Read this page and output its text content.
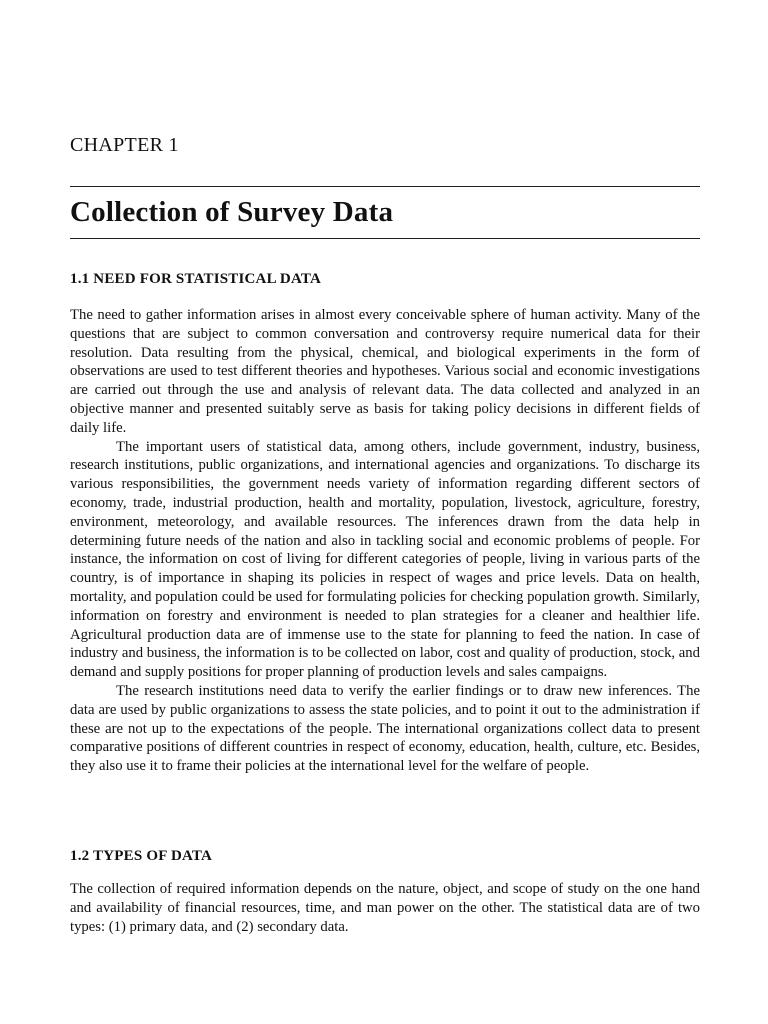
CHAPTER 1
Collection of Survey Data
1.1 NEED FOR STATISTICAL DATA

The need to gather information arises in almost every conceivable sphere of human activity. Many of the questions that are subject to common conversation and controversy require numerical data for their resolution. Data resulting from the physical, chemical, and biological experiments in the form of observations are used to test different theories and hypotheses. Various social and economic investigations are carried out through the use and analysis of relevant data. The data collected and analyzed in an objective manner and presented suitably serve as basis for taking policy decisions in different fields of daily life.

The important users of statistical data, among others, include government, industry, business, research institutions, public organizations, and international agencies and organizations. To discharge its various responsibilities, the government needs variety of information regarding different sectors of economy, trade, industrial production, health and mortality, population, livestock, agriculture, forestry, environment, meteorology, and available resources. The inferences drawn from the data help in determining future needs of the nation and also in tackling social and economic problems of people. For instance, the information on cost of living for different categories of people, living in various parts of the country, is of importance in shaping its policies in respect of wages and price levels. Data on health, mortality, and population could be used for formulating policies for checking population growth. Similarly, information on forestry and environment is needed to plan strategies for a cleaner and healthier life. Agricultural production data are of immense use to the state for planning to feed the nation. In case of industry and business, the information is to be collected on labor, cost and quality of production, stock, and demand and supply positions for proper planning of production levels and sales campaigns.

The research institutions need data to verify the earlier findings or to draw new inferences. The data are used by public organizations to assess the state policies, and to point it out to the administration if these are not up to the expectations of the people. The international organizations collect data to present comparative positions of different countries in respect of economy, education, health, culture, etc. Besides, they also use it to frame their policies at the international level for the welfare of people.

1.2 TYPES OF DATA

The collection of required information depends on the nature, object, and scope of study on the one hand and availability of financial resources, time, and man power on the other. The statistical data are of two types: (1) primary data, and (2) secondary data.
